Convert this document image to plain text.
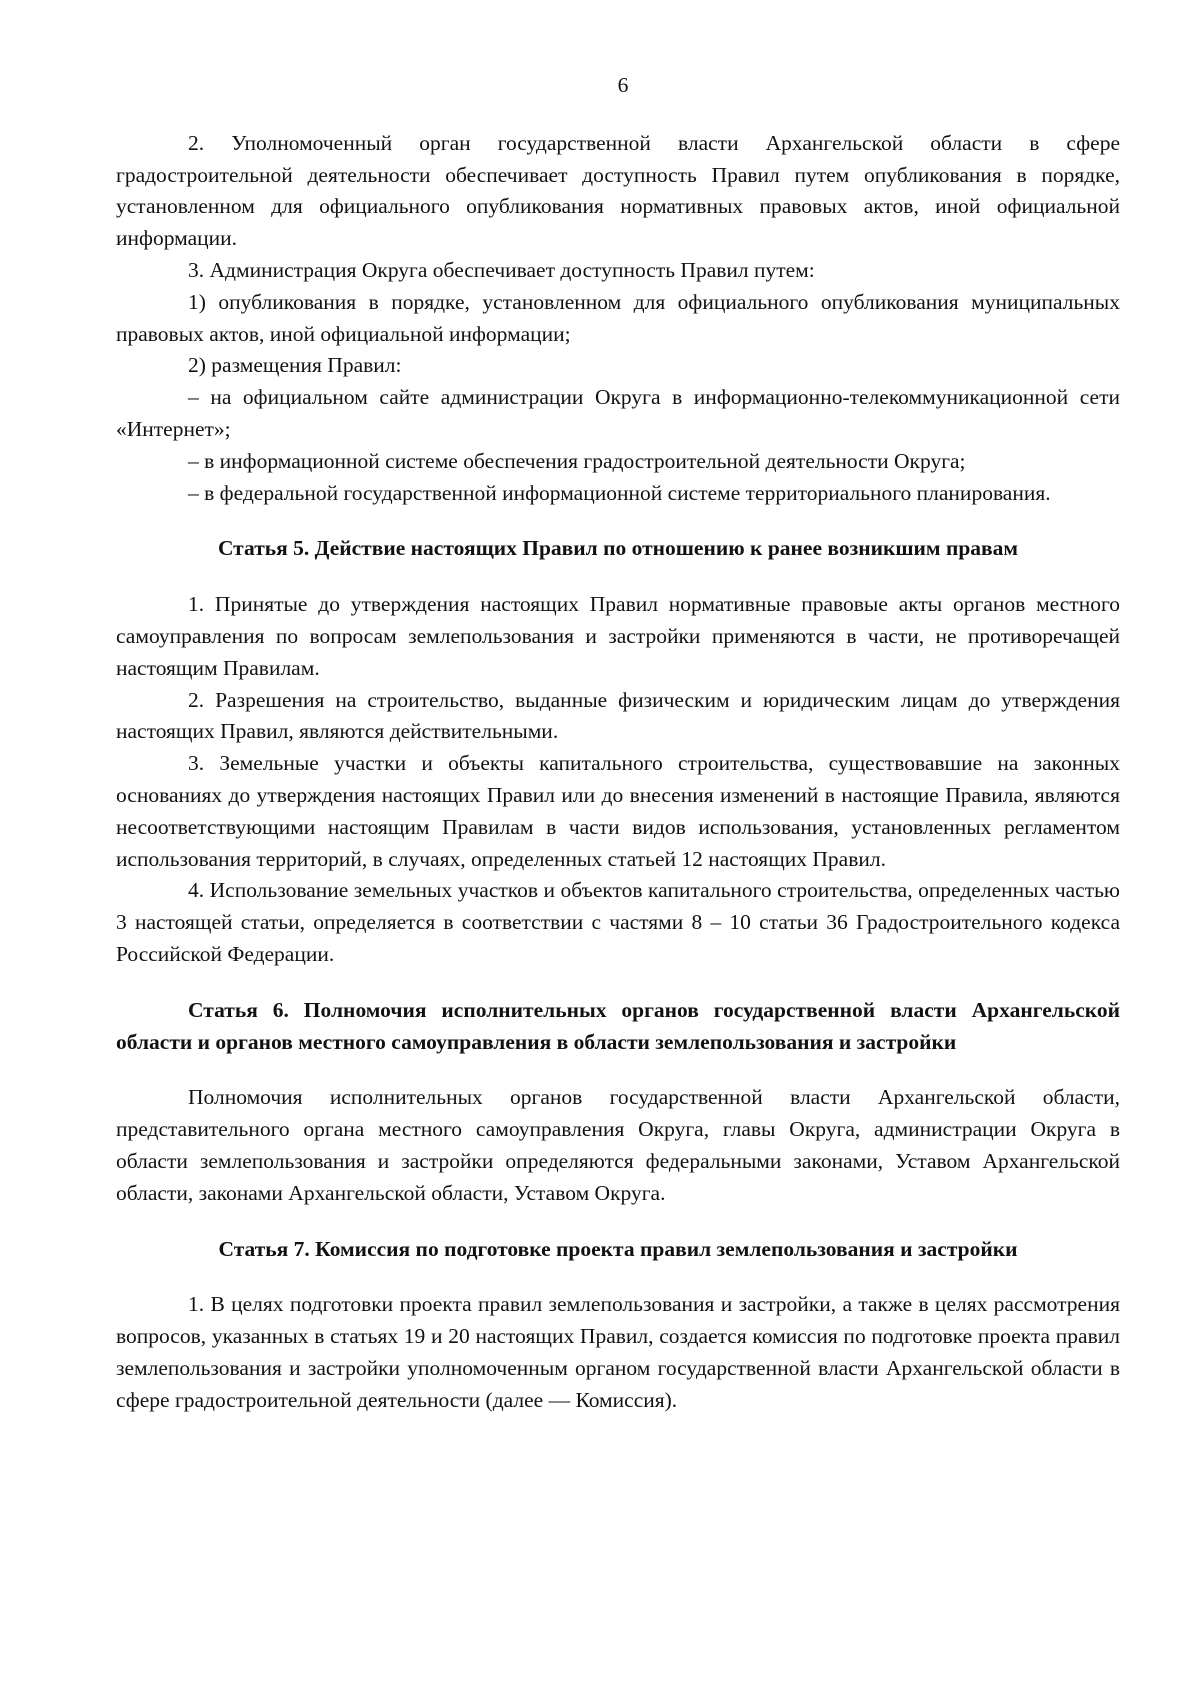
6

2. Уполномоченный орган государственной власти Архангельской области в сфере градостроительной деятельности обеспечивает доступность Правил путем опубликования в порядке, установленном для официального опубликования нормативных правовых актов, иной официальной информации.

3. Администрация Округа обеспечивает доступность Правил путем:

1) опубликования в порядке, установленном для официального опубликования муниципальных правовых актов, иной официальной информации;

2) размещения Правил:

– на официальном сайте администрации Округа в информационно-телекоммуникационной сети «Интернет»;

– в информационной системе обеспечения градостроительной деятельности Округа;

– в федеральной государственной информационной системе территориального планирования.

Статья 5. Действие настоящих Правил по отношению к ранее возникшим правам

1. Принятые до утверждения настоящих Правил нормативные правовые акты органов местного самоуправления по вопросам землепользования и застройки применяются в части, не противоречащей настоящим Правилам.

2. Разрешения на строительство, выданные физическим и юридическим лицам до утверждения настоящих Правил, являются действительными.

3. Земельные участки и объекты капитального строительства, существовавшие на законных основаниях до утверждения настоящих Правил или до внесения изменений в настоящие Правила, являются несоответствующими настоящим Правилам в части видов использования, установленных регламентом использования территорий, в случаях, определенных статьей 12 настоящих Правил.

4. Использование земельных участков и объектов капитального строительства, определенных частью 3 настоящей статьи, определяется в соответствии с частями 8 – 10 статьи 36 Градостроительного кодекса Российской Федерации.

Статья 6. Полномочия исполнительных органов государственной власти Архангельской области и органов местного самоуправления в области землепользования и застройки

Полномочия исполнительных органов государственной власти Архангельской области, представительного органа местного самоуправления Округа, главы Округа, администрации Округа в области землепользования и застройки определяются федеральными законами, Уставом Архангельской области, законами Архангельской области, Уставом Округа.

Статья 7. Комиссия по подготовке проекта правил землепользования и застройки

1. В целях подготовки проекта правил землепользования и застройки, а также в целях рассмотрения вопросов, указанных в статьях 19 и 20 настоящих Правил, создается комиссия по подготовке проекта правил землепользования и застройки уполномоченным органом государственной власти Архангельской области в сфере градостроительной деятельности (далее — Комиссия).
